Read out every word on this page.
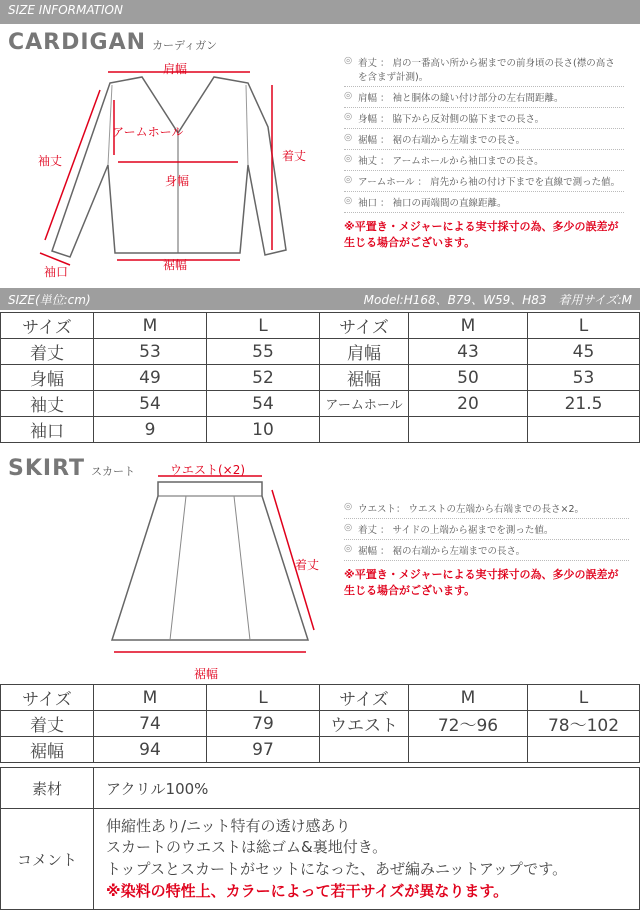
SIZE INFORMATION
CARDIGAN カーディガン
肩幅
アームホール
袖丈	着丈
身幅
裾幅
袖口
◎ 着丈 ： 肩の一番高い所から裾までの前身頃の長さ(襟の高さを含まず計測)。
◎ 肩幅 ： 袖と胴体の縫い付け部分の左右間距離。
◎ 身幅 ： 脇下から反対側の脇下までの長さ。
◎ 裾幅 ： 裾の右端から左端までの長さ。
◎ 袖丈 ： アームホールから袖口までの長さ。
◎ アームホール ： 肩先から袖の付け下までを直線で測った値。
◎ 袖口 ： 袖口の両端間の直線距離。
※平置き・メジャーによる実寸採寸の為、多少の誤差が生じる場合がございます。
SIZE(単位:cm)	Model:H168、B79、W59、H83　着用サイズ:M
サイズ	M	L	サイズ	M	L
着丈	53	55	肩幅	43	45
身幅	49	52	裾幅	50	53
袖丈	54	54	アームホール	20	21.5
袖口	9	10			
SKIRT スカート	ウエスト(×2)
着丈
裾幅
◎ ウエスト： ウエストの左端から右端までの長さ×2。
◎ 着丈 ： サイドの上端から裾までを測った値。
◎ 裾幅 ： 裾の右端から左端までの長さ。
※平置き・メジャーによる実寸採寸の為、多少の誤差が生じる場合がございます。
サイズ	M	L	サイズ	M	L
着丈	74	79	ウエスト	72〜96	78〜102
裾幅	94	97			
素材	アクリル100%
コメント	伸縮性あり/ニット特有の透け感あり
スカートのウエストは総ゴム&裏地付き。
トップスとスカートがセットになった、あぜ編みニットアップです。
※染料の特性上、カラーによって若干サイズが異なります。
